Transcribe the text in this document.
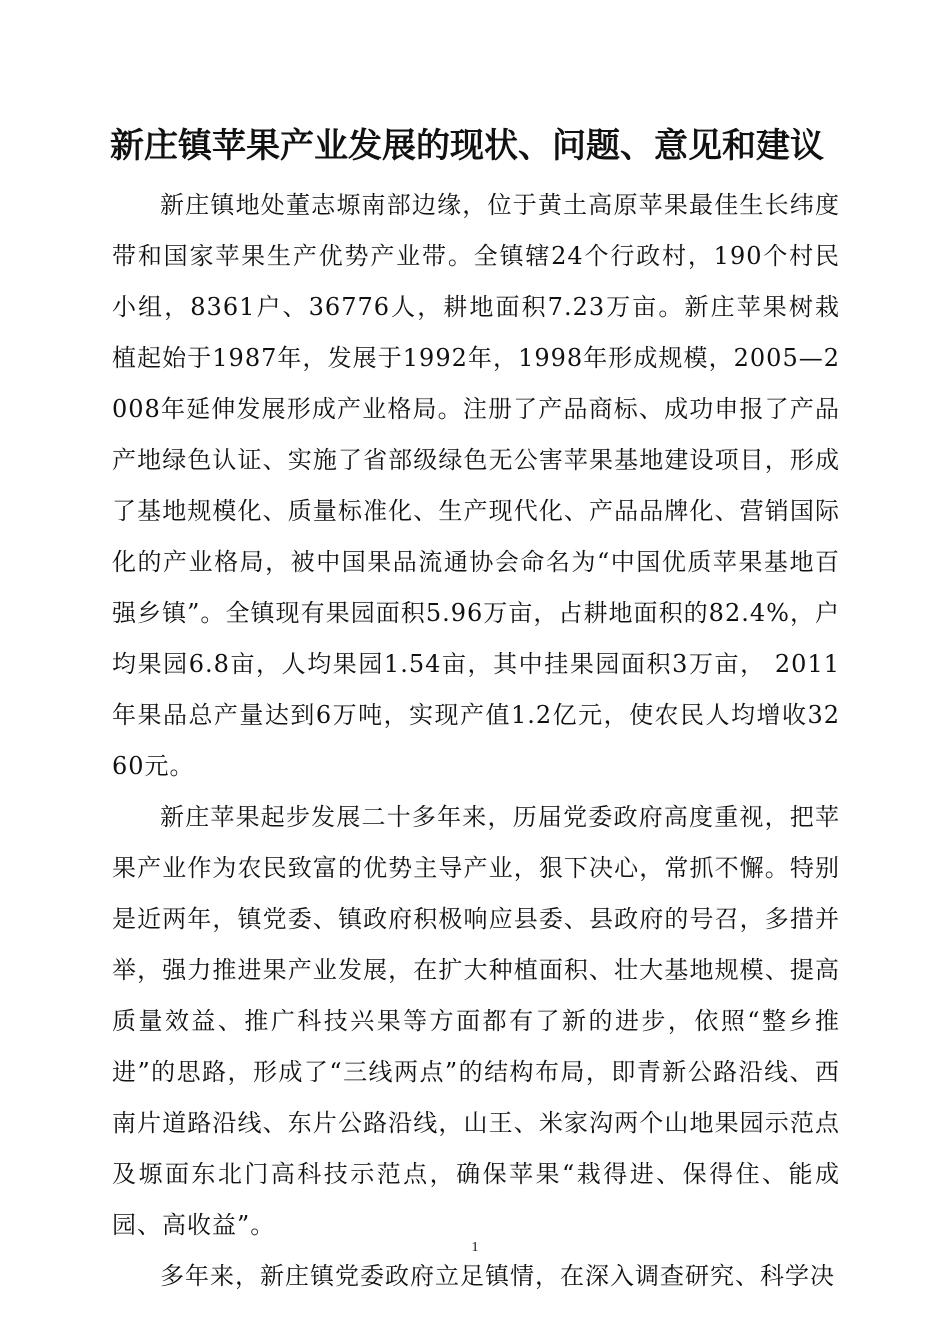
新庄镇苹果产业发展的现状、问题、意见和建议

新庄镇地处董志塬南部边缘，位于黄土高原苹果最佳生长纬度带和国家苹果生产优势产业带。全镇辖24个行政村，190个村民小组，8361户、36776人，耕地面积7.23万亩。新庄苹果树栽植起始于1987年，发展于1992年，1998年形成规模，2005—2008年延伸发展形成产业格局。注册了产品商标、成功申报了产品产地绿色认证、实施了省部级绿色无公害苹果基地建设项目，形成了基地规模化、质量标准化、生产现代化、产品品牌化、营销国际化的产业格局，被中国果品流通协会命名为“中国优质苹果基地百强乡镇”。全镇现有果园面积5.96万亩，占耕地面积的82.4%，户均果园6.8亩，人均果园1.54亩，其中挂果园面积3万亩， 2011年果品总产量达到6万吨，实现产值1.2亿元，使农民人均增收3260元。

新庄苹果起步发展二十多年来，历届党委政府高度重视，把苹果产业作为农民致富的优势主导产业，狠下决心，常抓不懈。特别是近两年，镇党委、镇政府积极响应县委、县政府的号召，多措并举，强力推进果产业发展，在扩大种植面积、壮大基地规模、提高质量效益、推广科技兴果等方面都有了新的进步，依照“整乡推进”的思路，形成了“三线两点”的结构布局，即青新公路沿线、西南片道路沿线、东片公路沿线，山王、米家沟两个山地果园示范点及塬面东北门高科技示范点，确保苹果“栽得进、保得住、能成园、高收益”。

多年来，新庄镇党委政府立足镇情，在深入调查研究、科学决

1
